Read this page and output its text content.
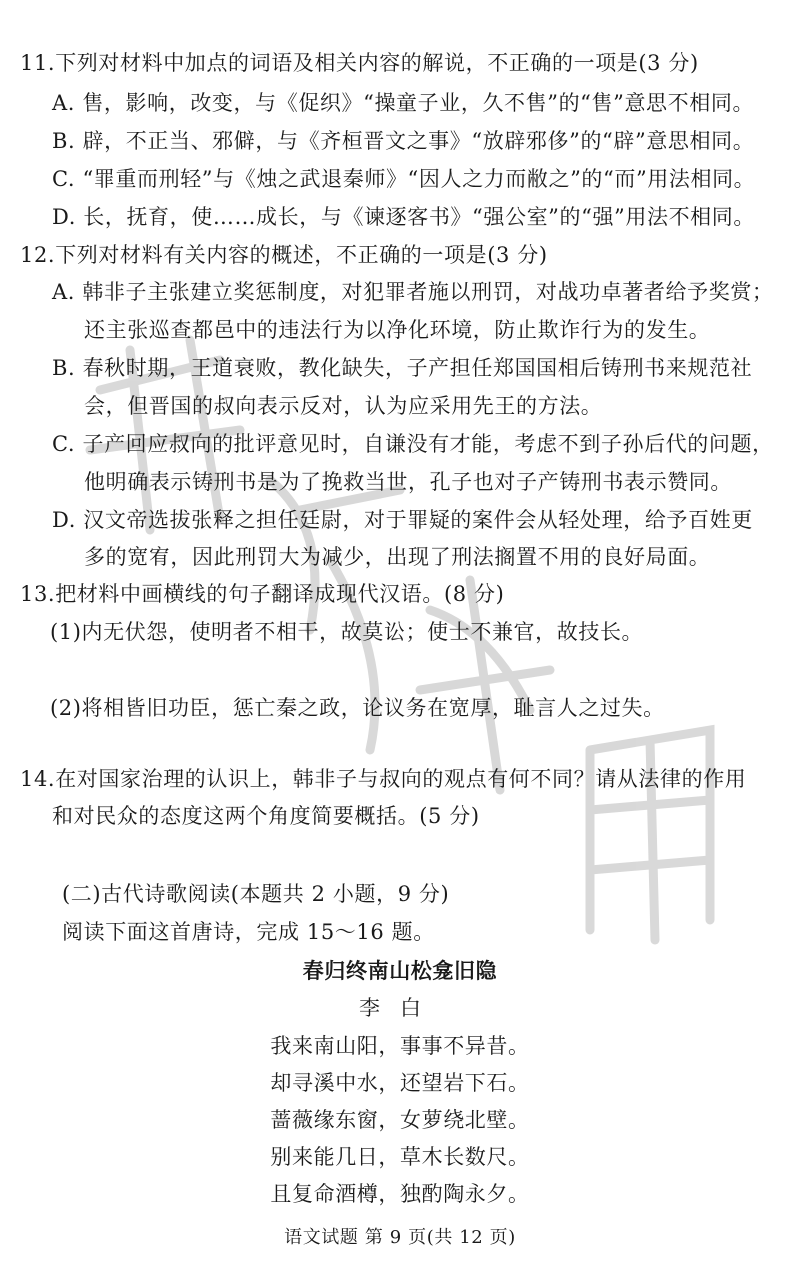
11.下列对材料中加点的词语及相关内容的解说，不正确的一项是(3 分)
A. 售，影响，改变，与《促织》“操童子业，久不售”的“售”意思不相同。
B. 辟，不正当、邪僻，与《齐桓晋文之事》“放辟邪侈”的“辟”意思相同。
C. “罪重而刑轻”与《烛之武退秦师》“因人之力而敝之”的“而”用法相同。
D. 长，抚育，使……成长，与《谏逐客书》“强公室”的“强”用法不相同。
12.下列对材料有关内容的概述，不正确的一项是(3 分)
A. 韩非子主张建立奖惩制度，对犯罪者施以刑罚，对战功卓著者给予奖赏；
还主张巡查都邑中的违法行为以净化环境，防止欺诈行为的发生。
B. 春秋时期，王道衰败，教化缺失，子产担任郑国国相后铸刑书来规范社
会，但晋国的叔向表示反对，认为应采用先王的方法。
C. 子产回应叔向的批评意见时，自谦没有才能，考虑不到子孙后代的问题，
他明确表示铸刑书是为了挽救当世，孔子也对子产铸刑书表示赞同。
D. 汉文帝选拔张释之担任廷尉，对于罪疑的案件会从轻处理，给予百姓更
多的宽宥，因此刑罚大为减少，出现了刑法搁置不用的良好局面。
13.把材料中画横线的句子翻译成现代汉语。(8 分)
(1)内无伏怨，使明者不相干，故莫讼；使士不兼官，故技长。
(2)将相皆旧功臣，惩亡秦之政，论议务在宽厚，耻言人之过失。
14.在对国家治理的认识上，韩非子与叔向的观点有何不同？请从法律的作用
和对民众的态度这两个角度简要概括。(5 分)
(二)古代诗歌阅读(本题共 2 小题，9 分)
阅读下面这首唐诗，完成 15～16 题。
春归终南山松龛旧隐
李白
我来南山阳，事事不异昔。
却寻溪中水，还望岩下石。
蔷薇缘东窗，女萝绕北壁。
别来能几日，草木长数尺。
且复命酒樽，独酌陶永夕。
语文试题 第 9 页(共 12 页)
